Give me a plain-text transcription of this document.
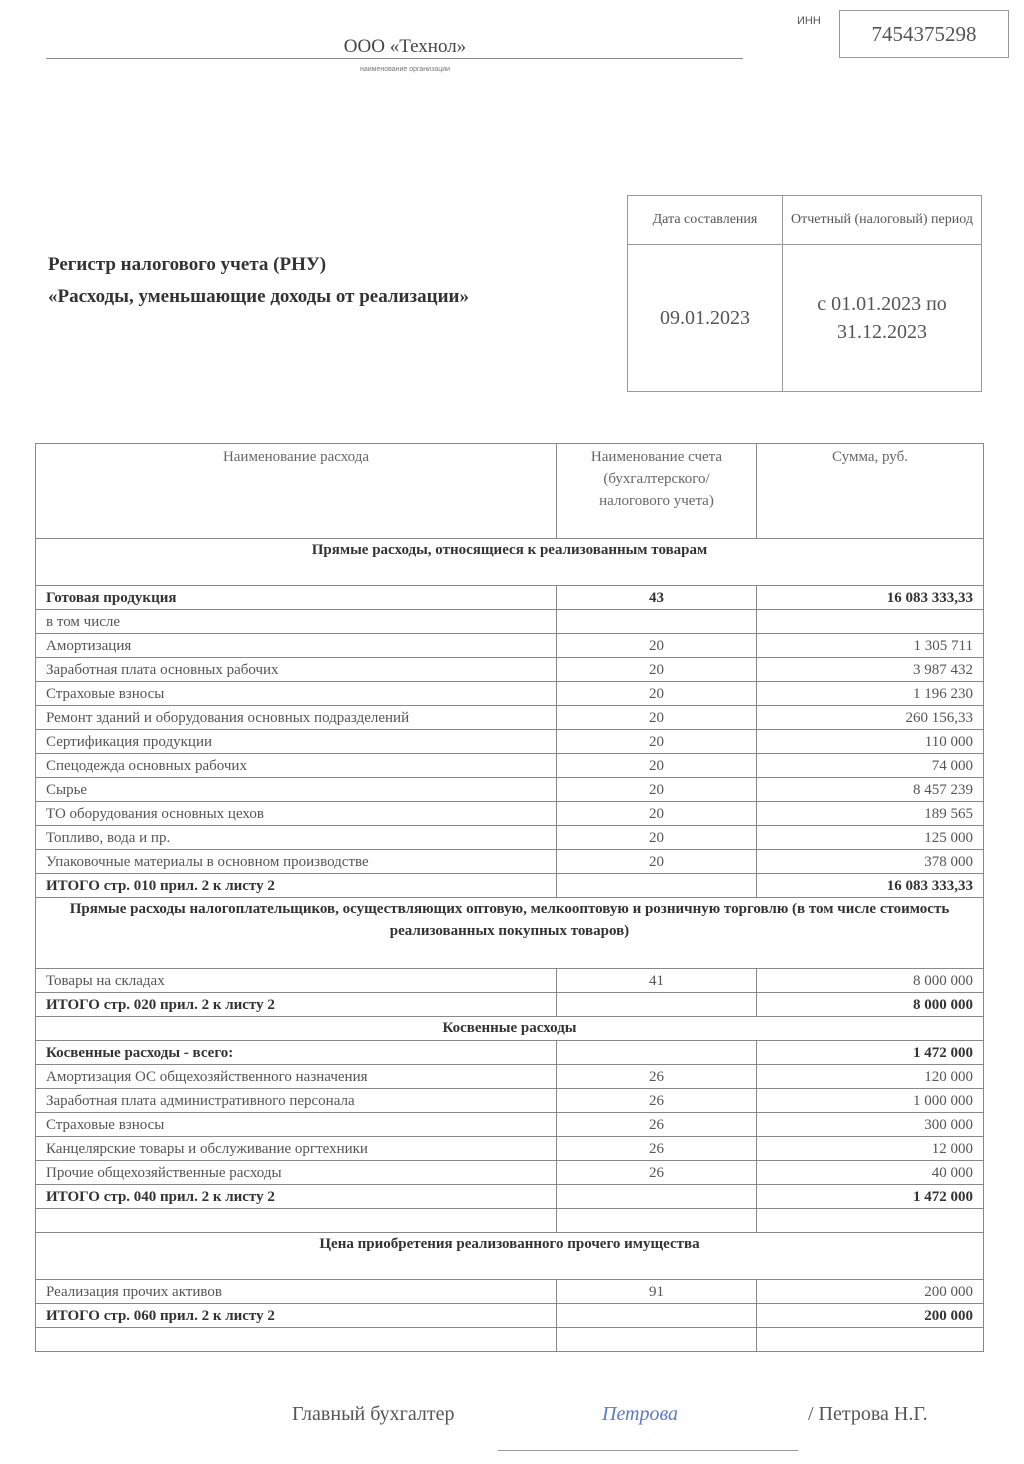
ООО «Технол»
наименование организации
ИНН
7454375298
Регистр налогового учета (РНУ)
«Расходы, уменьшающие доходы от реализации»
Дата составления	Отчетный (налоговый) период
09.01.2023	с 01.01.2023 по 31.12.2023
Наименование расхода	Наименование счета (бухгалтерского/ налогового учета)	Сумма, руб.
Прямые расходы, относящиеся к реализованным товарам		
Готовая продукция	43	16 083 333,33
в том числе		
Амортизация	20	1 305 711
Заработная плата основных рабочих	20	3 987 432
Страховые взносы	20	1 196 230
Ремонт зданий и оборудования основных подразделений	20	260 156,33
Сертификация продукции	20	110 000
Спецодежда основных рабочих	20	74 000
Сырье	20	8 457 239
ТО оборудования основных цехов	20	189 565
Топливо, вода и пр.	20	125 000
Упаковочные материалы в основном производстве	20	378 000
ИТОГО стр. 010 прил. 2 к листу 2		16 083 333,33
Прямые расходы налогоплательщиков, осуществляющих оптовую, мелкооптовую и розничную торговлю (в том числе стоимость реализованных покупных товаров)		
Товары на складах	41	8 000 000
ИТОГО стр. 020 прил. 2 к листу 2		8 000 000
Косвенные расходы		
Косвенные расходы - всего:		1 472 000
Амортизация ОС общехозяйственного назначения	26	120 000
Заработная плата административного персонала	26	1 000 000
Страховые взносы	26	300 000
Канцелярские товары и обслуживание оргтехники	26	12 000
Прочие общехозяйственные расходы	26	40 000
ИТОГО стр. 040 прил. 2 к листу 2		1 472 000

Цена приобретения реализованного прочего имущества		
Реализация прочих активов	91	200 000
ИТОГО стр. 060 прил. 2 к листу 2		200 000

Главный бухгалтер	Петрова	/ Петрова Н.Г.
